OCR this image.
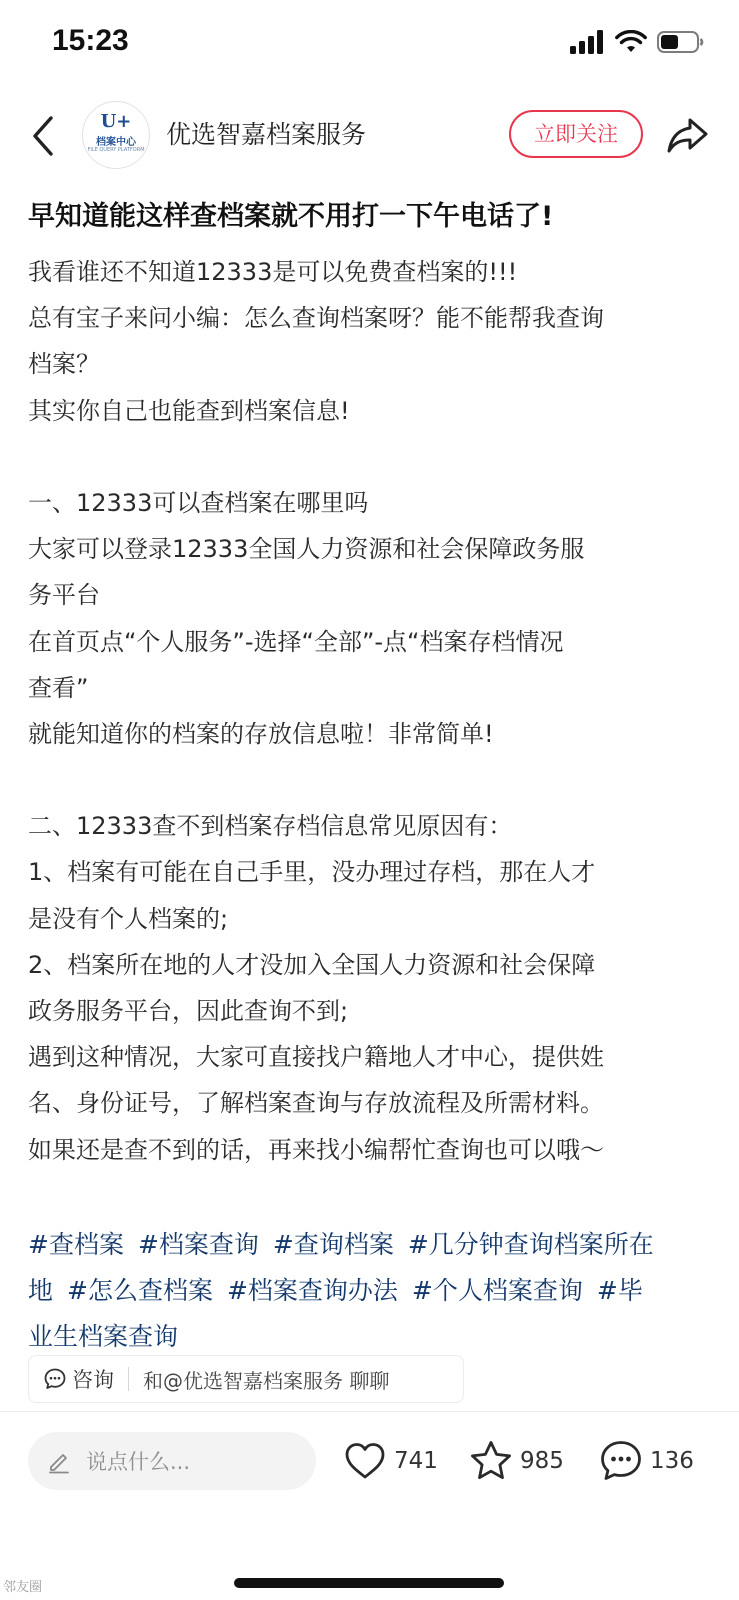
15:23
U+
档案中心
FILE QUERY PLATFORM
优选智嘉档案服务	立即关注
早知道能这样查档案就不用打一下午电话了!
我看谁还不知道12333是可以免费查档案的!!!
总有宝子来问小编：怎么查询档案呀？能不能帮我查询
档案？
其实你自己也能查到档案信息!
一、12333可以查档案在哪里吗
大家可以登录12333全国人力资源和社会保障政务服
务平台
在首页点“个人服务”-选择“全部”-点“档案存档情况
查看”
就能知道你的档案的存放信息啦！非常简单!
二、12333查不到档案存档信息常见原因有：
1、档案有可能在自己手里，没办理过存档，那在人才
是没有个人档案的;
2、档案所在地的人才没加入全国人力资源和社会保障
政务服务平台，因此查询不到;
遇到这种情况，大家可直接找户籍地人才中心，提供姓
名、身份证号，了解档案查询与存放流程及所需材料。
如果还是查不到的话，再来找小编帮忙查询也可以哦～
#查档案 #档案查询 #查询档案 #几分钟查询档案所在
地 #怎么查档案 #档案查询办法 #个人档案查询 #毕
业生档案查询
咨询 和@优选智嘉档案服务 聊聊
说点什么...	741	985	136
邻友圈
